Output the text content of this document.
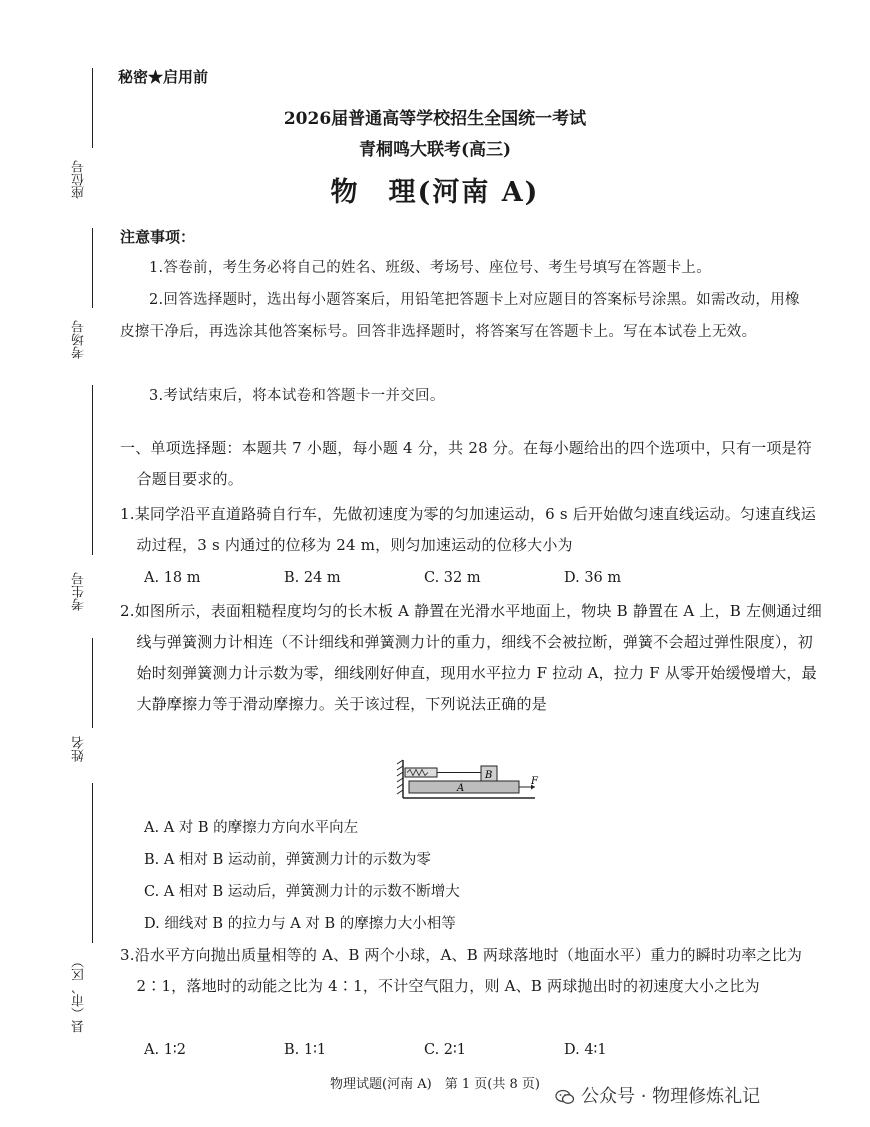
座位号
考场号
考生号
姓名
县（市、区）
秘密★启用前
2026届普通高等学校招生全国统一考试
青桐鸣大联考(高三)
物　理(河南 A)
注意事项：
1.答卷前，考生务必将自己的姓名、班级、考场号、座位号、考生号填写在答题卡上。
2.回答选择题时，选出每小题答案后，用铅笔把答题卡上对应题目的答案标号涂黑。如需改动，用橡皮擦干净后，再选涂其他答案标号。回答非选择题时，将答案写在答题卡上。写在本试卷上无效。
3.考试结束后，将本试卷和答题卡一并交回。
一、单项选择题：本题共 7 小题，每小题 4 分，共 28 分。在每小题给出的四个选项中，只有一项是符合题目要求的。
1.某同学沿平直道路骑自行车，先做初速度为零的匀加速运动，6 s 后开始做匀速直线运动。匀速直线运动过程，3 s 内通过的位移为 24 m，则匀加速运动的位移大小为
A. 18 m	B. 24 m	C. 32 m	D. 36 m
2.如图所示，表面粗糙程度均匀的长木板 A 静置在光滑水平地面上，物块 B 静置在 A 上，B 左侧通过细线与弹簧测力计相连（不计细线和弹簧测力计的重力，细线不会被拉断，弹簧不会超过弹性限度），初始时刻弹簧测力计示数为零，细线刚好伸直，现用水平拉力 F 拉动 A，拉力 F 从零开始缓慢增大，最大静摩擦力等于滑动摩擦力。关于该过程，下列说法正确的是
B
A
F
A. A 对 B 的摩擦力方向水平向左
B. A 相对 B 运动前，弹簧测力计的示数为零
C. A 相对 B 运动后，弹簧测力计的示数不断增大
D. 细线对 B 的拉力与 A 对 B 的摩擦力大小相等
3.沿水平方向抛出质量相等的 A、B 两个小球，A、B 两球落地时（地面水平）重力的瞬时功率之比为 2∶1，落地时的动能之比为 4∶1，不计空气阻力，则 A、B 两球抛出时的初速度大小之比为
A. 1∶2	B. 1∶1	C. 2∶1	D. 4∶1
物理试题(河南 A)　第 1 页(共 8 页)
公众号 · 物理修炼礼记
